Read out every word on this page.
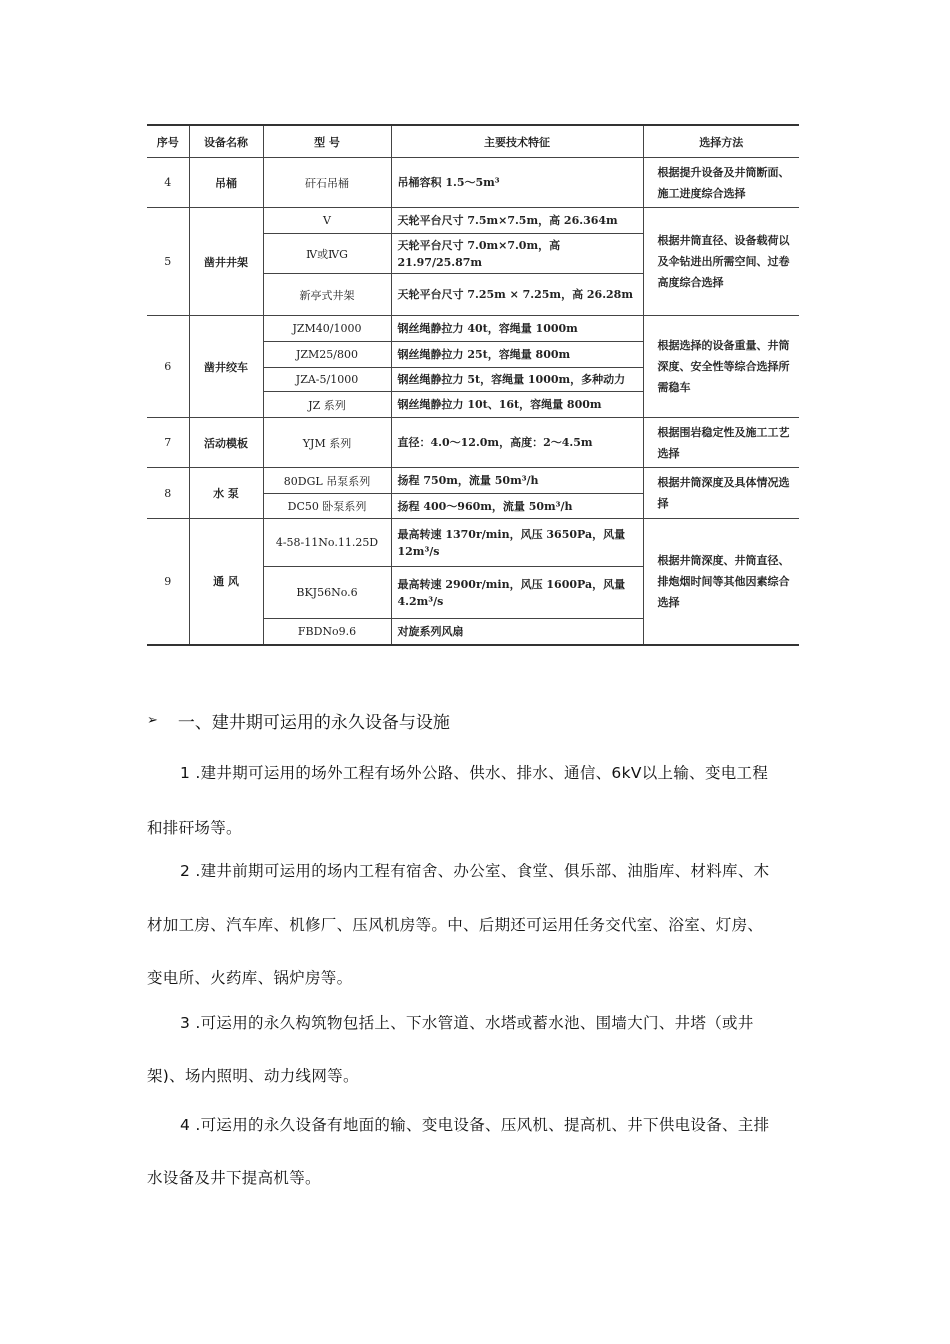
序号	设备名称	型 号	主要技术特征	选择方法
4	吊桶	矸石吊桶	吊桶容积 1.5～5m³	根据提升设备及井筒断面、施工进度综合选择
5	凿井井架	V	天轮平台尺寸 7.5m×7.5m，高 26.364m	根据井筒直径、设备载荷以及伞钻进出所需空间、过卷高度综合选择
		Ⅳ或ⅣG	天轮平台尺寸 7.0m×7.0m，高 21.97/25.87m	
		新亭式井架	天轮平台尺寸 7.25m × 7.25m，高 26.28m	
6	凿井绞车	JZM40/1000	钢丝绳静拉力 40t，容绳量 1000m	根据选择的设备重量、井筒深度、安全性等综合选择所需稳车
		JZM25/800	钢丝绳静拉力 25t，容绳量 800m	
		JZA-5/1000	钢丝绳静拉力 5t，容绳量 1000m，多种动力	
		JZ 系列	钢丝绳静拉力 10t、16t，容绳量 800m	
7	活动模板	YJM 系列	直径：4.0～12.0m，高度：2～4.5m	根据围岩稳定性及施工工艺选择
8	水 泵	80DGL 吊泵系列	扬程 750m，流量 50m³/h	根据井筒深度及具体情况选择
		DC50 卧泵系列	扬程 400～960m，流量 50m³/h	
9	通 风	4-58-11No.11.25D	最高转速 1370r/min，风压 3650Pa，风量 12m³/s	根据井筒深度、井筒直径、排炮烟时间等其他因素综合选择
		BKJ56No.6	最高转速 2900r/min，风压 1600Pa，风量 4.2m³/s	
		FBDNo9.6	对旋系列风扇	
➢ 一、建井期可运用的永久设备与设施
1 .建井期可运用的场外工程有场外公路、供水、排水、通信、6kV以上输、变电工程
和排矸场等。
2 .建井前期可运用的场内工程有宿舍、办公室、食堂、俱乐部、油脂库、材料库、木
材加工房、汽车库、机修厂、压风机房等。中、后期还可运用任务交代室、浴室、灯房、
变电所、火药库、锅炉房等。
3 .可运用的永久构筑物包括上、下水管道、水塔或蓄水池、围墙大门、井塔（或井
架)、场内照明、动力线网等。
4 .可运用的永久设备有地面的输、变电设备、压风机、提高机、井下供电设备、主排
水设备及井下提高机等。
